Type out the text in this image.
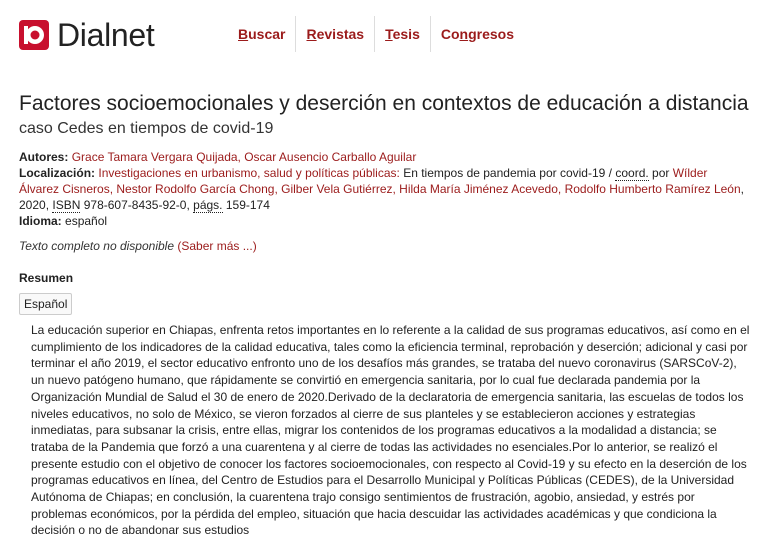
Dialnet	Buscar	Revistas	Tesis	Congresos
Factores socioemocionales y deserción en contextos de educación a distancia
caso Cedes en tiempos de covid-19
Autores: Grace Tamara Vergara Quijada, Oscar Ausencio Carballo Aguilar
Localización: Investigaciones en urbanismo, salud y políticas públicas: En tiempos de pandemia por covid-19 / coord. por Wílder Álvarez Cisneros, Nestor Rodolfo García Chong, Gilber Vela Gutiérrez, Hilda María Jiménez Acevedo, Rodolfo Humberto Ramírez León, 2020, ISBN 978-607-8435-92-0, págs. 159-174
Idioma: español
Texto completo no disponible (Saber más ...)
Resumen
Español

La educación superior en Chiapas, enfrenta retos importantes en lo referente a la calidad de sus programas educativos, así como en el cumplimiento de los indicadores de la calidad educativa, tales como la eficiencia terminal, reprobación y deserción; adicional y casi por terminar el año 2019, el sector educativo enfronto uno de los desafíos más grandes, se trataba del nuevo coronavirus (SARSCoV-2), un nuevo patógeno humano, que rápidamente se convirtió en emergencia sanitaria, por lo cual fue declarada pandemia por la Organización Mundial de Salud el 30 de enero de 2020.Derivado de la declaratoria de emergencia sanitaria, las escuelas de todos los niveles educativos, no solo de México, se vieron forzados al cierre de sus planteles y se establecieron acciones y estrategias inmediatas, para subsanar la crisis, entre ellas, migrar los contenidos de los programas educativos a la modalidad a distancia; se trataba de la Pandemia que forzó a una cuarentena y al cierre de todas las actividades no esenciales.Por lo anterior, se realizó el presente estudio con el objetivo de conocer los factores socioemocionales, con respecto al Covid-19 y su efecto en la deserción de los programas educativos en línea, del Centro de Estudios para el Desarrollo Municipal y Políticas Públicas (CEDES), de la Universidad Autónoma de Chiapas; en conclusión, la cuarentena trajo consigo sentimientos de frustración, agobio, ansiedad, y estrés por problemas económicos, por la pérdida del empleo, situación que hacia descuidar las actividades académicas y que condiciona la decisión o no de abandonar sus estudios
